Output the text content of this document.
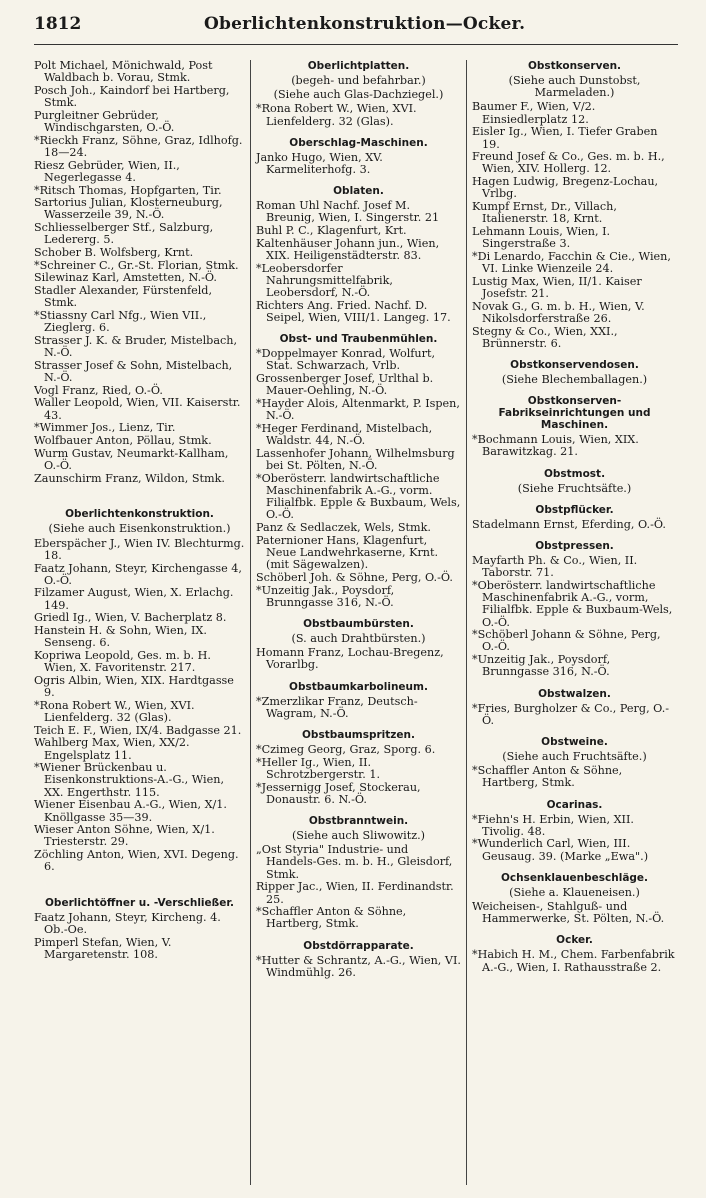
1812	Oberlichtenkonstruktion—Ocker.
Polt Michael, Mönichwald, Post Waldbach b. Vorau, Stmk.
Posch Joh., Kaindorf bei Hartberg, Stmk.
Purgleitner Gebrüder, Windischgarsten, O.-Ö.
*Rieckh Franz, Söhne, Graz, Idlhofg. 18—24.
Riesz Gebrüder, Wien, II., Negerlegasse 4.
*Ritsch Thomas, Hopfgarten, Tir.
Sartorius Julian, Klosterneuburg, Wasserzeile 39, N.-Ö.
Schliesselberger Stf., Salzburg, Ledererg. 5.
Schober B. Wolfsberg, Krnt.
*Schreiner C., Gr.-St. Florian, Stmk.
Silewinaz Karl, Amstetten, N.-Ö.
Stadler Alexander, Fürstenfeld, Stmk.
*Stiassny Carl Nfg., Wien VII., Zieglerg. 6.
Strasser J. K. & Bruder, Mistelbach, N.-Ö.
Strasser Josef & Sohn, Mistelbach, N.-Ö.
Vogl Franz, Ried, O.-Ö.
Waller Leopold, Wien, VII. Kaiserstr. 43.
*Wimmer Jos., Lienz, Tir.
Wolfbauer Anton, Pöllau, Stmk.
Wurm Gustav, Neumarkt-Kallham, O.-Ö.
Zaunschirm Franz, Wildon, Stmk.
Oberlichtenkonstruktion.
(Siehe auch Eisenkonstruktion.)
Eberspächer J., Wien IV. Blechturmg. 18.
Faatz Johann, Steyr, Kirchengasse 4, O.-Ö.
Filzamer August, Wien, X. Erlachg. 149.
Griedl Ig., Wien, V. Bacherplatz 8.
Hanstein H. & Sohn, Wien, IX. Senseng. 6.
Kopriwa Leopold, Ges. m. b. H. Wien, X. Favoritenstr. 217.
Ogris Albin, Wien, XIX. Hardtgasse 9.
*Rona Robert W., Wien, XVI. Lienfelderg. 32 (Glas).
Teich E. F., Wien, IX/4. Badgasse 21.
Wahlberg Max, Wien, XX/2. Engelsplatz 11.
*Wiener Brückenbau u. Eisenkonstruktions-A.-G., Wien, XX. Engerthstr. 115.
Wiener Eisenbau A.-G., Wien, X/1. Knöllgasse 35—39.
Wieser Anton Söhne, Wien, X/1. Triesterstr. 29.
Zöchling Anton, Wien, XVI. Degeng. 6.
Oberlichtöffner u. -Verschließer.
Faatz Johann, Steyr, Kircheng. 4. Ob.-Oe.
Pimperl Stefan, Wien, V. Margaretenstr. 108.
Oberlichtplatten.
(begeh- und befahrbar.)
(Siehe auch Glas-Dachziegel.)
*Rona Robert W., Wien, XVI. Lienfelderg. 32 (Glas).
Oberschlag-Maschinen.
Janko Hugo, Wien, XV. Karmeliterhofg. 3.
Oblaten.
Roman Uhl Nachf. Josef M. Breunig, Wien, I. Singerstr. 21
Buhl P. C., Klagenfurt, Krt.
Kaltenhäuser Johann jun., Wien, XIX. Heiligenstädterstr. 83.
*Leobersdorfer Nahrungsmittelfabrik, Leobersdorf, N.-Ö.
Richters Ang. Fried. Nachf. D. Seipel, Wien, VIII/1. Langeg. 17.
Obst- und Traubenmühlen.
*Doppelmayer Konrad, Wolfurt, Stat. Schwarzach, Vrlb.
Grossenberger Josef, Urlthal b. Mauer-Oehling, N.-Ö.
*Hayder Alois, Altenmarkt, P. Ispen, N.-Ö.
*Heger Ferdinand, Mistelbach, Waldstr. 44, N.-Ö.
Lassenhofer Johann, Wilhelmsburg bei St. Pölten, N.-Ö.
*Oberösterr. landwirtschaftliche Maschinenfabrik A.-G., vorm. Filialfbk. Epple & Buxbaum, Wels, O.-Ö.
Panz & Sedlaczek, Wels, Stmk.
Paternioner Hans, Klagenfurt, Neue Landwehrkaserne, Krnt. (mit Sägewalzen).
Schöberl Joh. & Söhne, Perg, O.-Ö.
*Unzeitig Jak., Poysdorf, Brunngasse 316, N.-Ö.
Obstbaumbürsten.
(S. auch Drahtbürsten.)
Homann Franz, Lochau-Bregenz, Vorarlbg.
Obstbaumkarbolineum.
*Zmerzlikar Franz, Deutsch-Wagram, N.-Ö.
Obstbaumspritzen.
*Czimeg Georg, Graz, Sporg. 6.
*Heller Ig., Wien, II. Schrotzbergerstr. 1.
*Jessernigg Josef, Stockerau, Donaustr. 6. N.-Ö.
Obstbranntwein.
(Siehe auch Sliwowitz.)
„Ost Styria" Industrie- und Handels-Ges. m. b. H., Gleisdorf, Stmk.
Ripper Jac., Wien, II. Ferdinandstr. 25.
*Schaffler Anton & Söhne, Hartberg, Stmk.
Obstdörrapparate.
*Hutter & Schrantz, A.-G., Wien, VI. Windmühlg. 26.
Obstkonserven.
(Siehe auch Dunstobst, Marmeladen.)
Baumer F., Wien, V/2. Einsiedlerplatz 12.
Eisler Ig., Wien, I. Tiefer Graben 19.
Freund Josef & Co., Ges. m. b. H., Wien, XIV. Hollerg. 12.
Hagen Ludwig, Bregenz-Lochau, Vrlbg.
Kumpf Ernst, Dr., Villach, Italienerstr. 18, Krnt.
Lehmann Louis, Wien, I. Singerstraße 3.
*Di Lenardo, Facchin & Cie., Wien, VI. Linke Wienzeile 24.
Lustig Max, Wien, II/1. Kaiser Josefstr. 21.
Novak G., G. m. b. H., Wien, V. Nikolsdorferstraße 26.
Stegny & Co., Wien, XXI., Brünnerstr. 6.
Obstkonservendosen.
(Siehe Blechemballagen.)
Obstkonserven-Fabrikseinrichtungen und Maschinen.
*Bochmann Louis, Wien, XIX. Barawitzkag. 21.
Obstmost.
(Siehe Fruchtsäfte.)
Obstpflücker.
Stadelmann Ernst, Eferding, O.-Ö.
Obstpressen.
Mayfarth Ph. & Co., Wien, II. Taborstr. 71.
*Oberösterr. landwirtschaftliche Maschinenfabrik A.-G., vorm, Filialfbk. Epple & Buxbaum-Wels, O.-Ö.
*Schöberl Johann & Söhne, Perg, O.-Ö.
*Unzeitig Jak., Poysdorf, Brunngasse 316, N.-Ö.
Obstwalzen.
*Fries, Burgholzer & Co., Perg, O.-Ö.
Obstweine.
(Siehe auch Fruchtsäfte.)
*Schaffler Anton & Söhne, Hartberg, Stmk.
Ocarinas.
*Fiehn's H. Erbin, Wien, XII. Tivolig. 48.
*Wunderlich Carl, Wien, III. Geusaug. 39. (Marke „Ewa".)
Ochsenklauenbeschläge.
(Siehe a. Klaueneisen.)
Weicheisen-, Stahlguß- und Hammerwerke, St. Pölten, N.-Ö.
Ocker.
*Habich H. M., Chem. Farbenfabrik A.-G., Wien, I. Rathausstraße 2.
